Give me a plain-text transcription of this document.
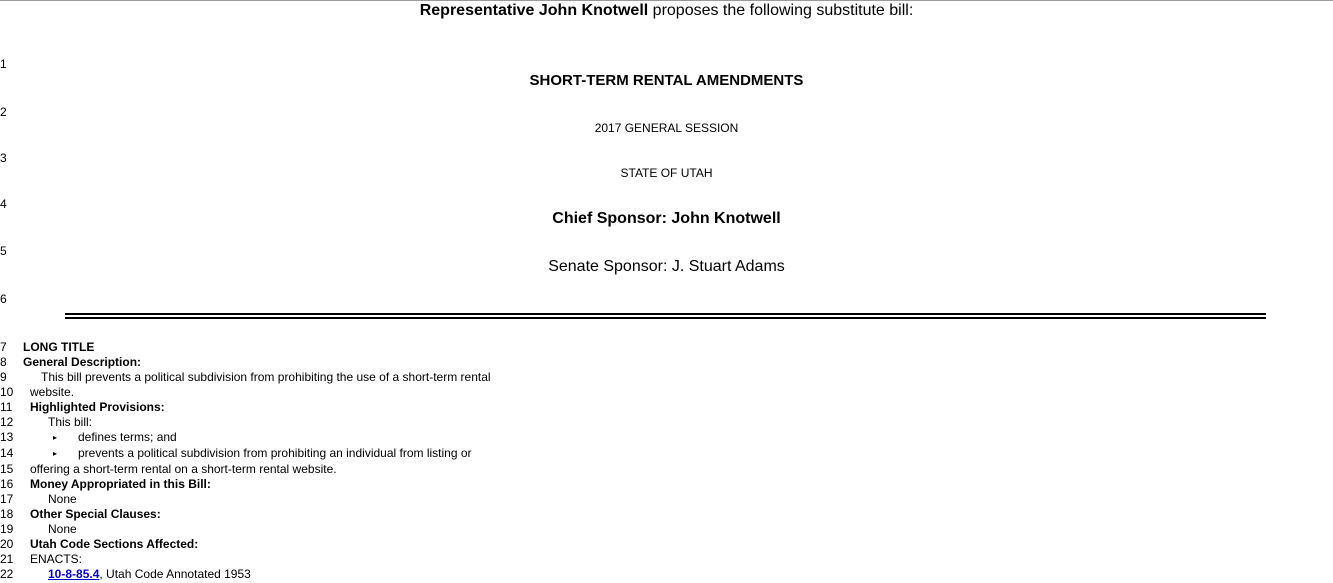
Representative John Knotwell proposes the following substitute bill:
1
2
3
4
5
6
SHORT-TERM RENTAL AMENDMENTS
2017 GENERAL SESSION
STATE OF UTAH
Chief Sponsor: John Knotwell
Senate Sponsor: J. Stuart Adams
7	LONG TITLE
8	General Description:
9	This bill prevents a political subdivision from prohibiting the use of a short-term rental
10	website.
11	Highlighted Provisions:
12	This bill:
13	▸ defines terms; and
14	▸ prevents a political subdivision from prohibiting an individual from listing or
15	offering a short-term rental on a short-term rental website.
16	Money Appropriated in this Bill:
17	None
18	Other Special Clauses:
19	None
20	Utah Code Sections Affected:
21	ENACTS:
22	10-8-85.4, Utah Code Annotated 1953
